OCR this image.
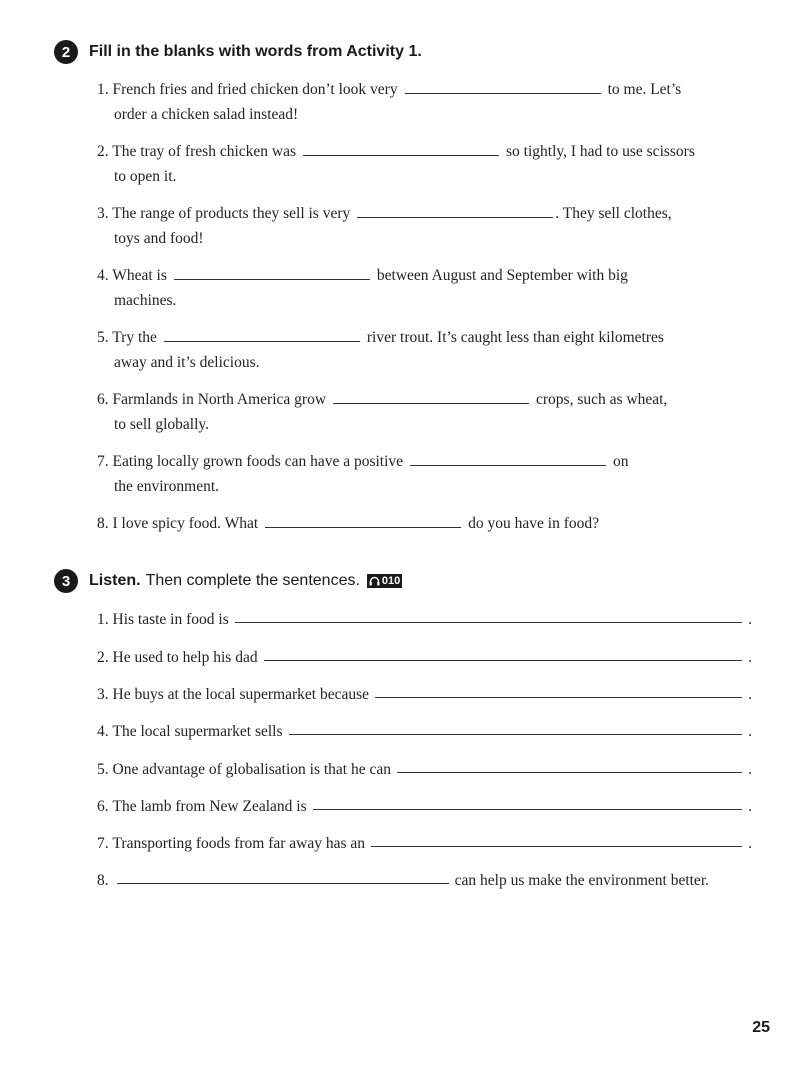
2	Fill in the blanks with words from Activity 1.
1. French fries and fried chicken don’t look very	to me. Let’s
order a chicken salad instead!
2. The tray of fresh chicken was	so tightly, I had to use scissors
to open it.
3. The range of products they sell is very	. They sell clothes,
toys and food!
4. Wheat is	between August and September with big
machines.
5. Try the	river trout. It’s caught less than eight kilometres
away and it’s delicious.
6. Farmlands in North America grow	crops, such as wheat,
to sell globally.
7. Eating locally grown foods can have a positive	on
the environment.
8. I love spicy food. What	do you have in food?
3	Listen. Then complete the sentences. 010
1.
His taste in food is	.
2.
He used to help his dad	.
3.
He buys at the local supermarket because	.
4.
The local supermarket sells	.
5.
One advantage of globalisation is that he can	.
6.
The lamb from New Zealand is	.
7.
Transporting foods from far away has an	.
8.	can help us make the environment better.
25
